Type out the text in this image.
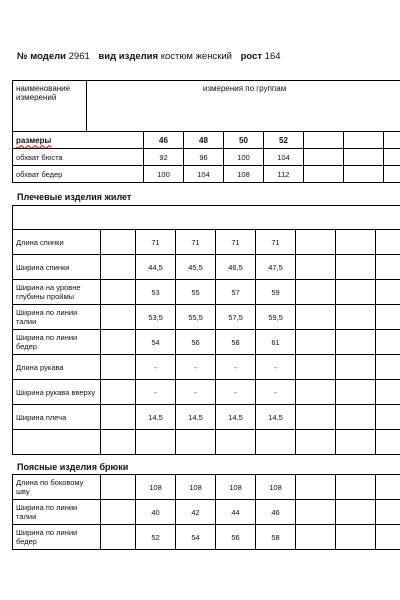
№ модели 2961 вид изделия костюм женский рост 164
наименование измерений	измерения по группам							
размеры		46	48	50	52			
обхват бюста		92	96	100	104			
обхват бедер		100	104	108	112			
Плечевые изделия жилет

Длина спинки		71	71	71	71			
Ширина спинки		44,5	45,5	46,5	47,5			
Ширина на уровне глубины проймы		53	55	57	59			
Ширина по линии талии		53,5	55,5	57,5	59,5			
Ширина по линии бедер		54	56	58	61			
Длина рукава		-	-	-	-			
Ширина рукава вверху		-	-	-	-			
Ширина плеча		14,5	14,5	14,5	14,5			

Поясные изделия брюки
Длина по боковому шву		108	108	108	108			
Ширина по линии талии		40	42	44	46			
Ширина по линии бедер		52	54	56	58			
